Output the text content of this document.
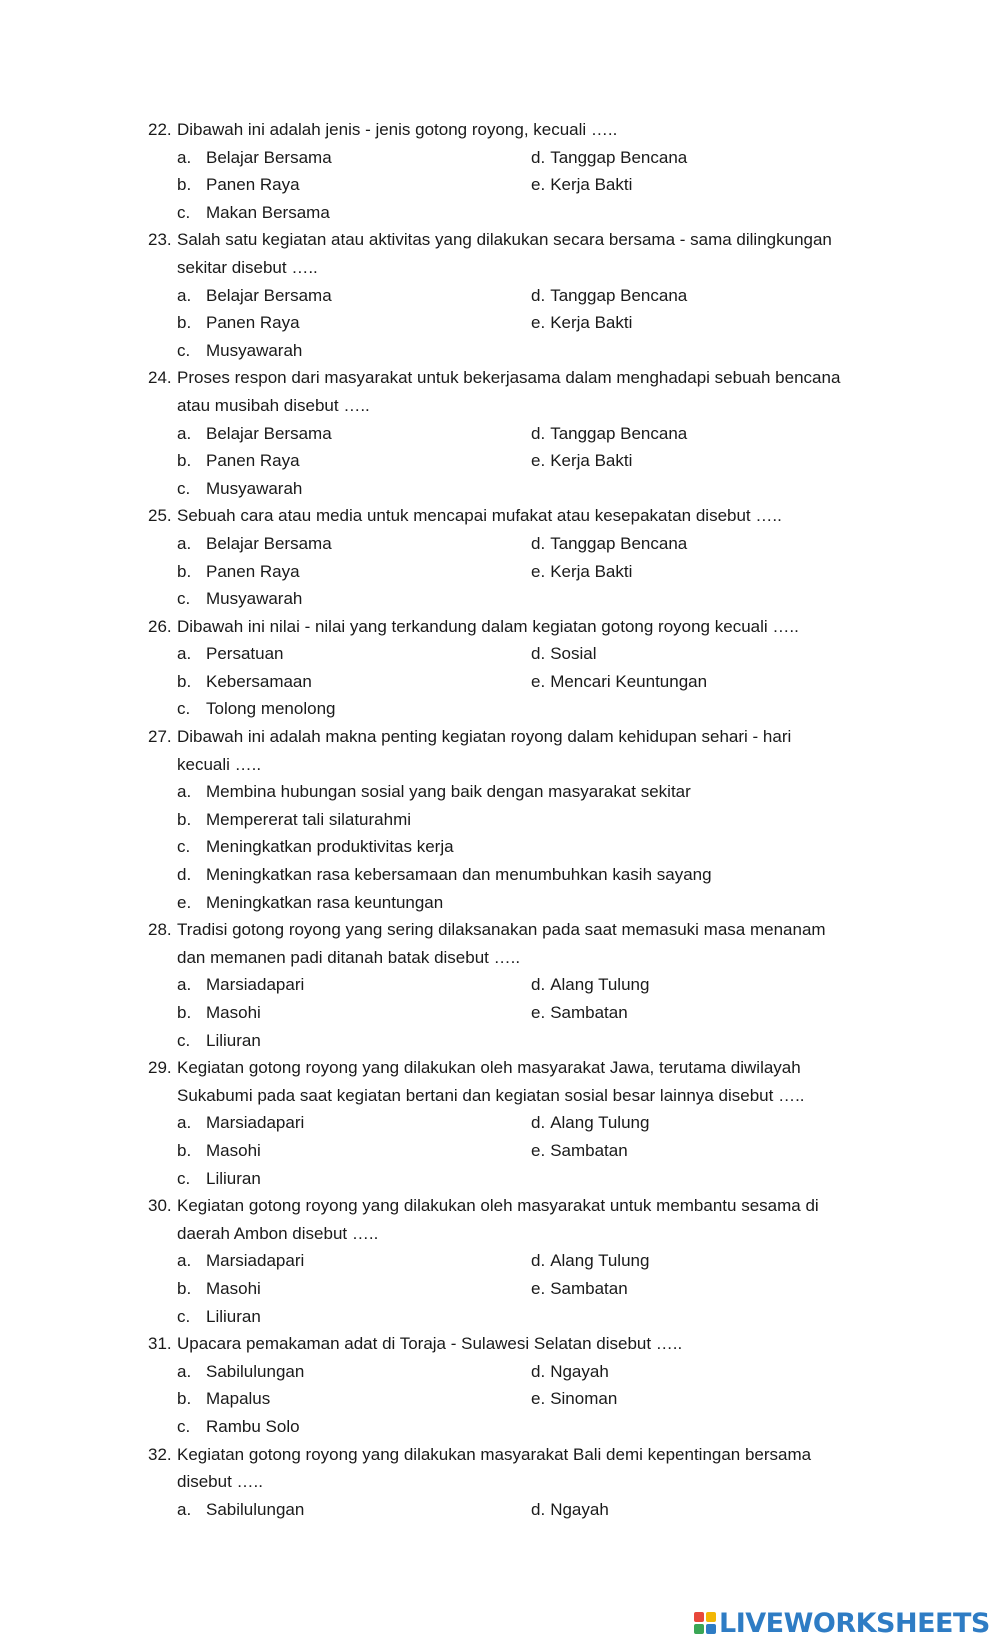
22. Dibawah ini adalah jenis - jenis gotong royong, kecuali …..
a. Belajar Bersama	d. Tanggap Bencana
b. Panen Raya	e. Kerja Bakti
c. Makan Bersama
23. Salah satu kegiatan atau aktivitas yang dilakukan secara bersama - sama dilingkungan
sekitar disebut …..
a. Belajar Bersama	d. Tanggap Bencana
b. Panen Raya	e. Kerja Bakti
c. Musyawarah
24. Proses respon dari masyarakat untuk bekerjasama dalam menghadapi sebuah bencana
atau musibah disebut …..
a. Belajar Bersama	d. Tanggap Bencana
b. Panen Raya	e. Kerja Bakti
c. Musyawarah
25. Sebuah cara atau media untuk mencapai mufakat atau kesepakatan disebut …..
a. Belajar Bersama	d. Tanggap Bencana
b. Panen Raya	e. Kerja Bakti
c. Musyawarah
26. Dibawah ini nilai - nilai yang terkandung dalam kegiatan gotong royong kecuali …..
a. Persatuan	d. Sosial
b. Kebersamaan	e. Mencari Keuntungan
c. Tolong menolong
27. Dibawah ini adalah makna penting kegiatan royong dalam kehidupan sehari - hari
kecuali …..
a. Membina hubungan sosial yang baik dengan masyarakat sekitar
b. Mempererat tali silaturahmi
c. Meningkatkan produktivitas kerja
d. Meningkatkan rasa kebersamaan dan menumbuhkan kasih sayang
e. Meningkatkan rasa keuntungan
28. Tradisi gotong royong yang sering dilaksanakan pada saat memasuki masa menanam
dan memanen padi ditanah batak disebut …..
a. Marsiadapari	d. Alang Tulung
b. Masohi	e. Sambatan
c. Liliuran
29. Kegiatan gotong royong yang dilakukan oleh masyarakat Jawa, terutama diwilayah
Sukabumi pada saat kegiatan bertani dan kegiatan sosial besar lainnya disebut …..
a. Marsiadapari	d. Alang Tulung
b. Masohi	e. Sambatan
c. Liliuran
30. Kegiatan gotong royong yang dilakukan oleh masyarakat untuk membantu sesama di
daerah Ambon disebut …..
a. Marsiadapari	d. Alang Tulung
b. Masohi	e. Sambatan
c. Liliuran
31. Upacara pemakaman adat di Toraja - Sulawesi Selatan disebut …..
a. Sabilulungan	d. Ngayah
b. Mapalus	e. Sinoman
c. Rambu Solo
32. Kegiatan gotong royong yang dilakukan masyarakat Bali demi kepentingan bersama
disebut …..
a. Sabilulungan	d. Ngayah
LIVEWORKSHEETS
